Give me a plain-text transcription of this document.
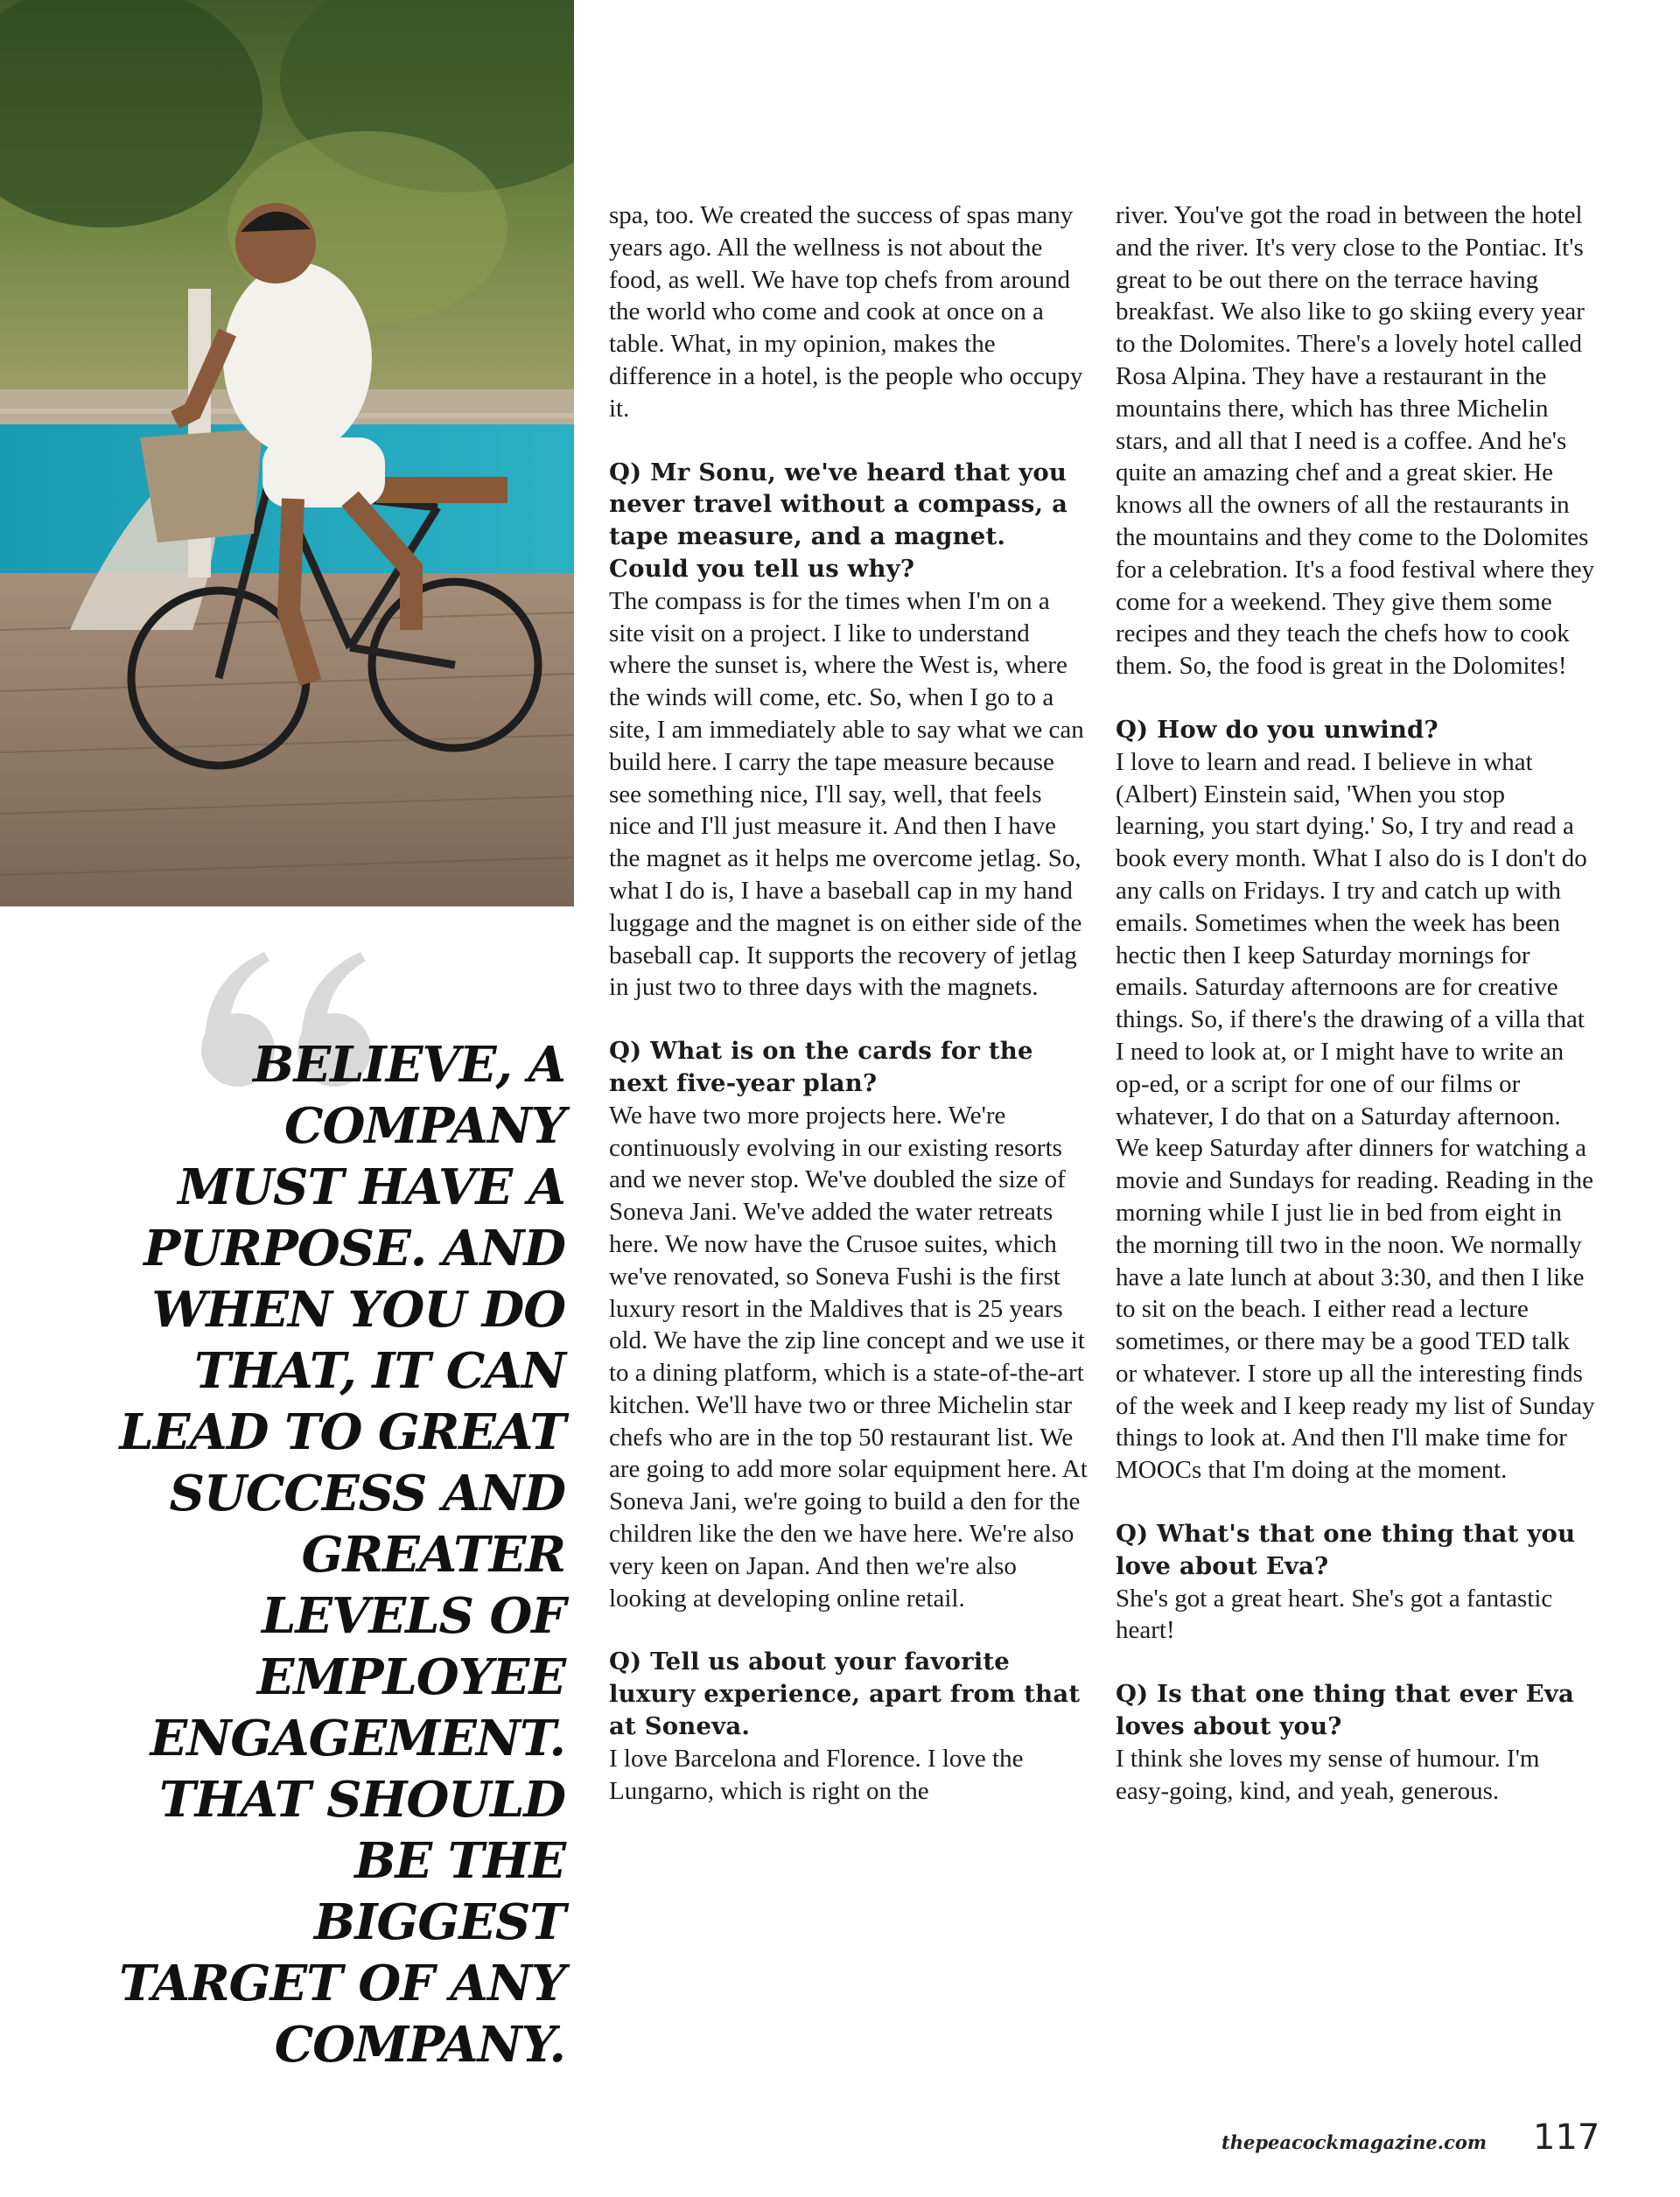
BELIEVE, A COMPANY MUST HAVE A PURPOSE. AND WHEN YOU DO THAT, IT CAN LEAD TO GREAT SUCCESS AND GREATER LEVELS OF EMPLOYEE ENGAGEMENT. THAT SHOULD BE THE BIGGEST TARGET OF ANY COMPANY.

spa, too. We created the success of spas many years ago. All the wellness is not about the food, as well. We have top chefs from around the world who come and cook at once on a table. What, in my opinion, makes the difference in a hotel, is the people who occupy it.

Q) Mr Sonu, we've heard that you never travel without a compass, a tape measure, and a magnet. Could you tell us why?
The compass is for the times when I'm on a site visit on a project. I like to understand where the sunset is, where the West is, where the winds will come, etc. So, when I go to a site, I am immediately able to say what we can build here. I carry the tape measure because see something nice, I'll say, well, that feels nice and I'll just measure it. And then I have the magnet as it helps me overcome jetlag. So, what I do is, I have a baseball cap in my hand luggage and the magnet is on either side of the baseball cap. It supports the recovery of jetlag in just two to three days with the magnets.

Q) What is on the cards for the next five-year plan?
We have two more projects here. We're continuously evolving in our existing resorts and we never stop. We've doubled the size of Soneva Jani. We've added the water retreats here. We now have the Crusoe suites, which we've renovated, so Soneva Fushi is the first luxury resort in the Maldives that is 25 years old. We have the zip line concept and we use it to a dining platform, which is a state-of-the-art kitchen. We'll have two or three Michelin star chefs who are in the top 50 restaurant list. We are going to add more solar equipment here. At Soneva Jani, we're going to build a den for the children like the den we have here. We're also very keen on Japan. And then we're also looking at developing online retail.

Q) Tell us about your favorite luxury experience, apart from that at Soneva.
I love Barcelona and Florence. I love the Lungarno, which is right on the

river. You've got the road in between the hotel and the river. It's very close to the Pontiac. It's great to be out there on the terrace having breakfast. We also like to go skiing every year to the Dolomites. There's a lovely hotel called Rosa Alpina. They have a restaurant in the mountains there, which has three Michelin stars, and all that I need is a coffee. And he's quite an amazing chef and a great skier. He knows all the owners of all the restaurants in the mountains and they come to the Dolomites for a celebration. It's a food festival where they come for a weekend. They give them some recipes and they teach the chefs how to cook them. So, the food is great in the Dolomites!

Q) How do you unwind?
I love to learn and read. I believe in what (Albert) Einstein said, 'When you stop learning, you start dying.' So, I try and read a book every month. What I also do is I don't do any calls on Fridays. I try and catch up with emails. Sometimes when the week has been hectic then I keep Saturday mornings for emails. Saturday afternoons are for creative things. So, if there's the drawing of a villa that I need to look at, or I might have to write an op-ed, or a script for one of our films or whatever, I do that on a Saturday afternoon. We keep Saturday after dinners for watching a movie and Sundays for reading. Reading in the morning while I just lie in bed from eight in the morning till two in the noon. We normally have a late lunch at about 3:30, and then I like to sit on the beach. I either read a lecture sometimes, or there may be a good TED talk or whatever. I store up all the interesting finds of the week and I keep ready my list of Sunday things to look at. And then I'll make time for MOOCs that I'm doing at the moment.

Q) What's that one thing that you love about Eva?
She's got a great heart. She's got a fantastic heart!

Q) Is that one thing that ever Eva loves about you?
I think she loves my sense of humour. I'm easy-going, kind, and yeah, generous.

thepeacockmagazine.com 117
